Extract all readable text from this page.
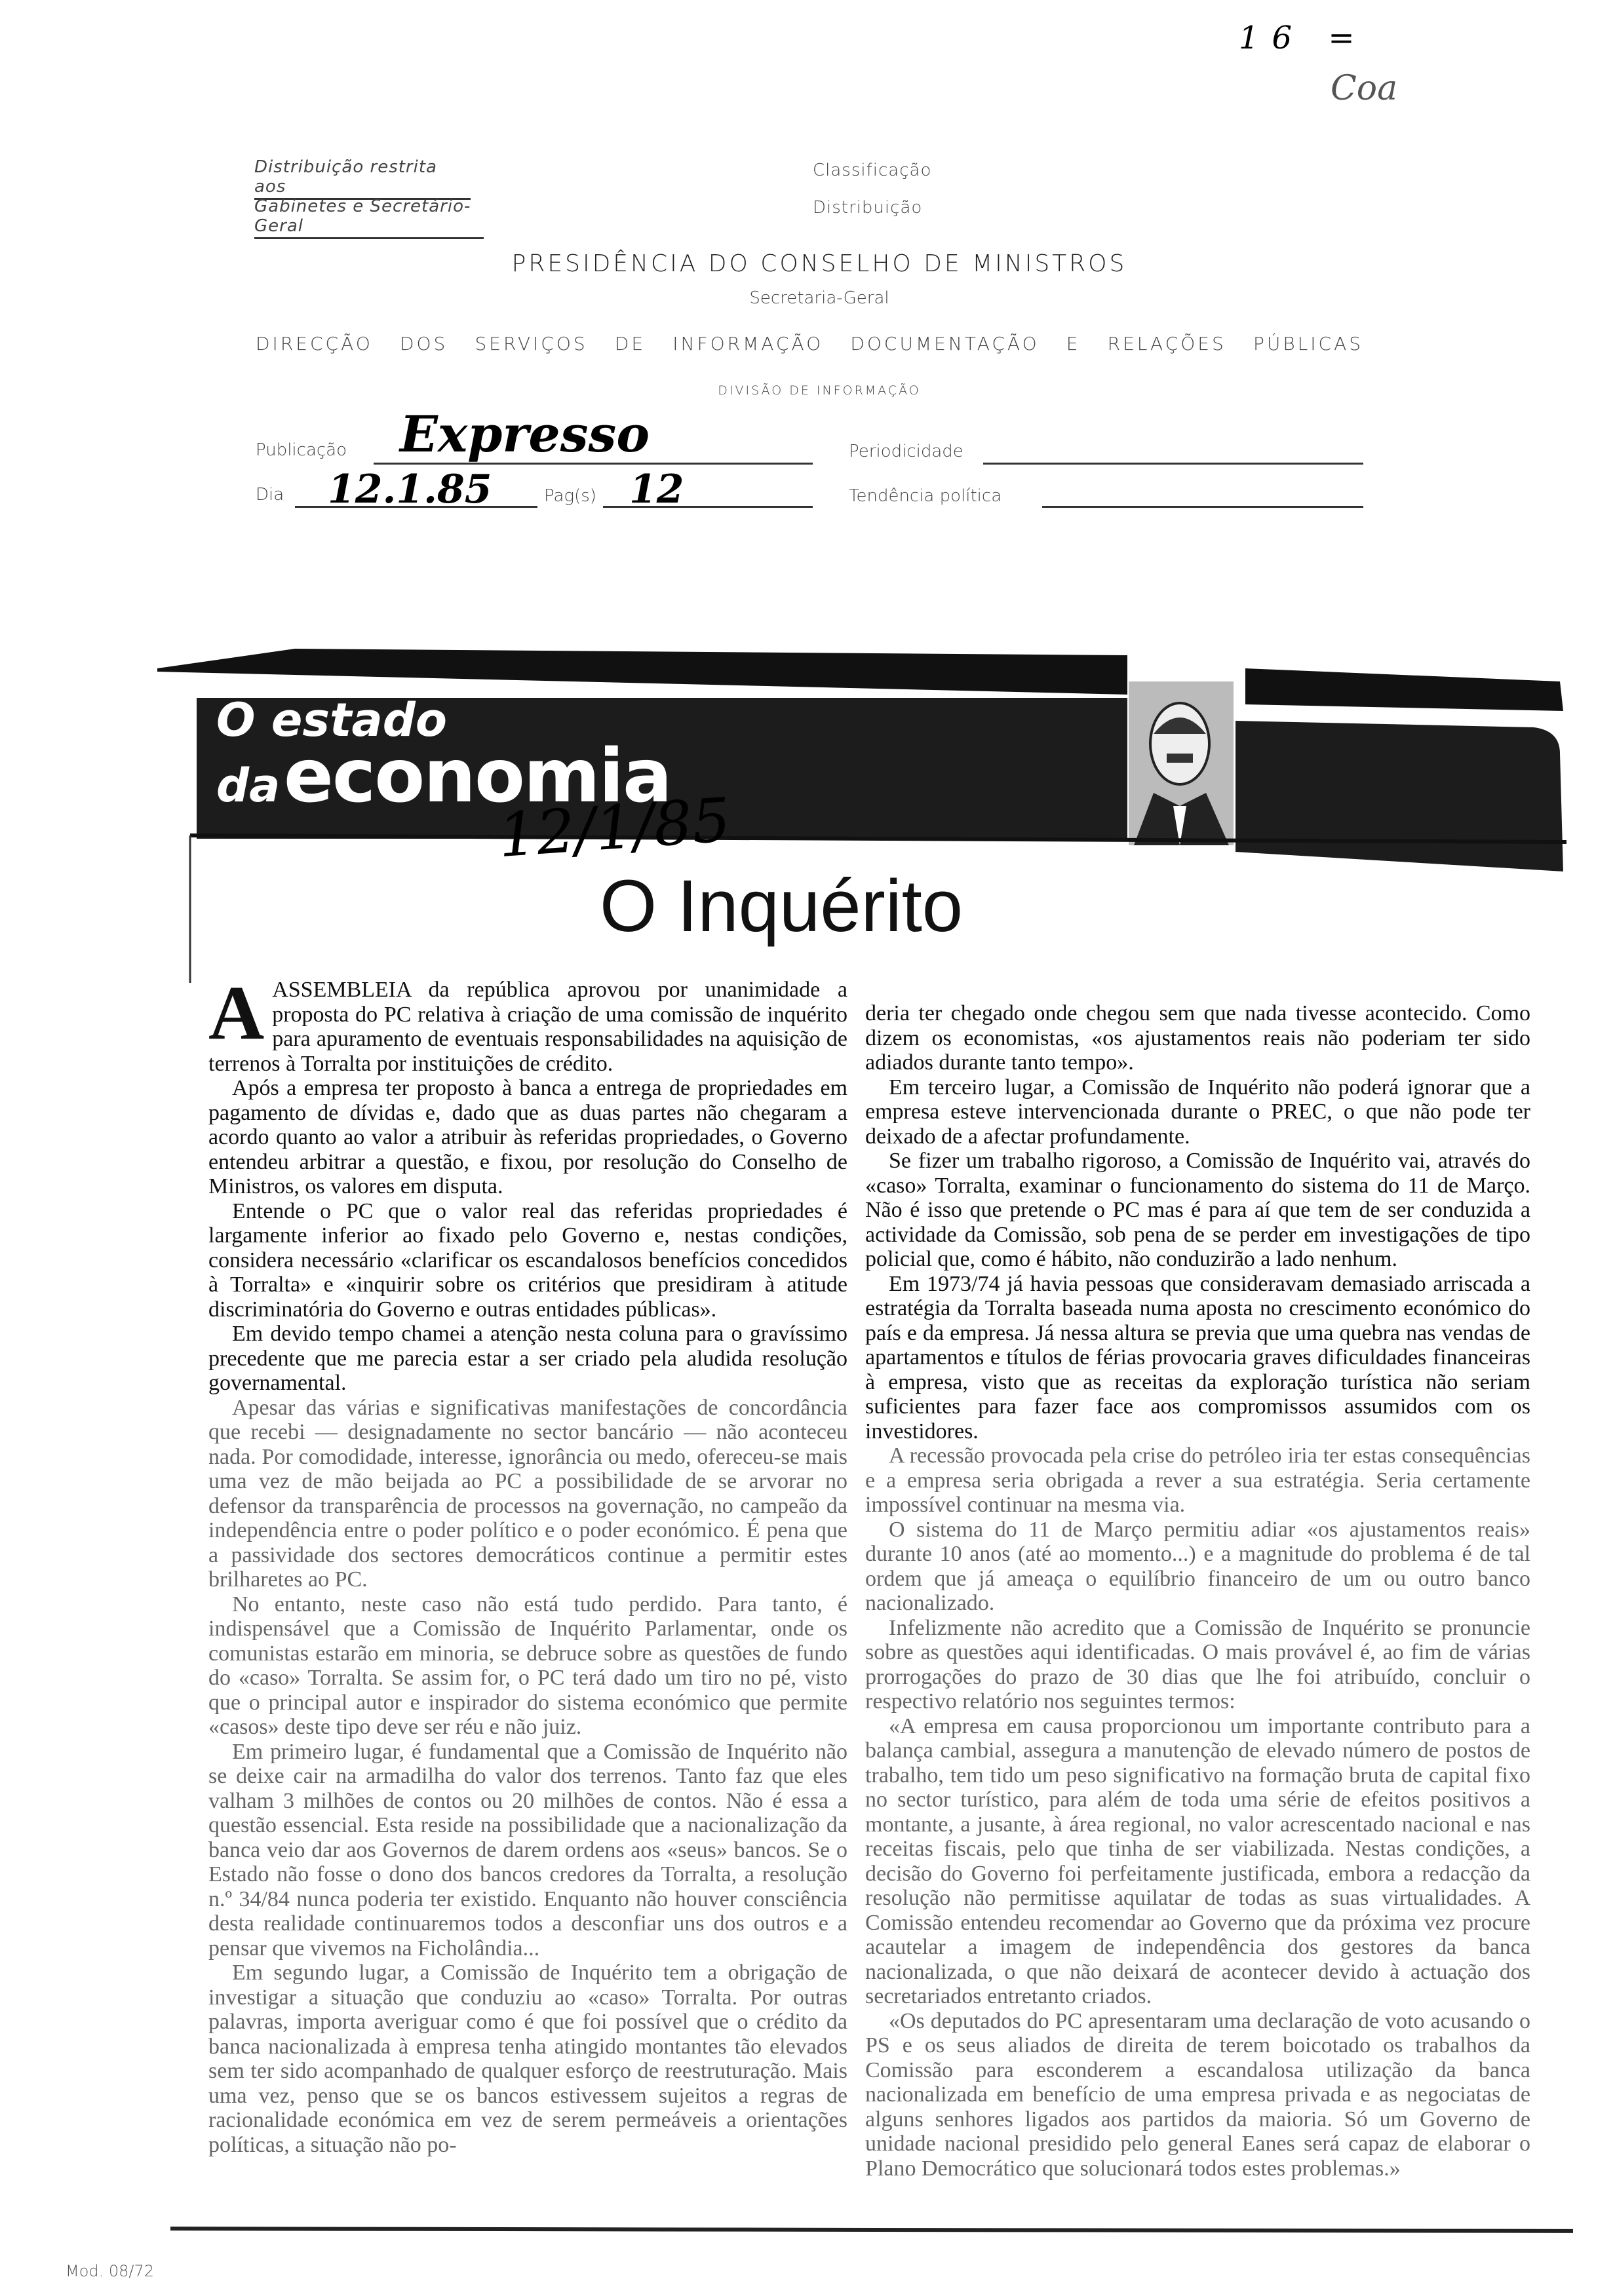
16 =
Coa
Distribuição restrita aos
Gabinetes e Secretário-Geral
Classificação
Distribuição
PRESIDÊNCIA DO CONSELHO DE MINISTROS
Secretaria-Geral
DIRECÇÃO DOS SERVIÇOS DE INFORMAÇÃO DOCUMENTAÇÃO E RELAÇÕES PÚBLICAS
DIVISÃO DE INFORMAÇÃO
Publicação Expresso	Periodicidade
Dia 12.1.85	Pag(s) 12	Tendência política
O estado
da economia
12/1/85
O Inquérito

AASSEMBLEIA da república aprovou por unanimidade a proposta do PC relativa à criação de uma comissão de inquérito para apuramento de eventuais responsabilidades na aquisição de terrenos à Torralta por instituições de crédito.

Após a empresa ter proposto à banca a entrega de propriedades em pagamento de dívidas e, dado que as duas partes não chegaram a acordo quanto ao valor a atribuir às referidas propriedades, o Governo entendeu arbitrar a questão, e fixou, por resolução do Conselho de Ministros, os valores em disputa.

Entende o PC que o valor real das referidas propriedades é largamente inferior ao fixado pelo Governo e, nestas condições, considera necessário «clarificar os escandalosos benefícios concedidos à Torralta» e «inquirir sobre os critérios que presidiram à atitude discriminatória do Governo e outras entidades públicas».

Em devido tempo chamei a atenção nesta coluna para o gravíssimo precedente que me parecia estar a ser criado pela aludida resolução governamental.

Apesar das várias e significativas manifestações de concordância que recebi — designadamente no sector bancário — não aconteceu nada. Por comodidade, interesse, ignorância ou medo, ofereceu-se mais uma vez de mão beijada ao PC a possibilidade de se arvorar no defensor da transparência de processos na governação, no campeão da independência entre o poder político e o poder económico. É pena que a passividade dos sectores democráticos continue a permitir estes brilharetes ao PC.

No entanto, neste caso não está tudo perdido. Para tanto, é indispensável que a Comissão de Inquérito Parlamentar, onde os comunistas estarão em minoria, se debruce sobre as questões de fundo do «caso» Torralta. Se assim for, o PC terá dado um tiro no pé, visto que o principal autor e inspirador do sistema económico que permite «casos» deste tipo deve ser réu e não juiz.

Em primeiro lugar, é fundamental que a Comissão de Inquérito não se deixe cair na armadilha do valor dos terrenos. Tanto faz que eles valham 3 milhões de contos ou 20 milhões de contos. Não é essa a questão essencial. Esta reside na possibilidade que a nacionalização da banca veio dar aos Governos de darem ordens aos «seus» bancos. Se o Estado não fosse o dono dos bancos credores da Torralta, a resolução n.º 34/84 nunca poderia ter existido. Enquanto não houver consciência desta realidade continuaremos todos a desconfiar uns dos outros e a pensar que vivemos na Ficholândia...

Em segundo lugar, a Comissão de Inquérito tem a obrigação de investigar a situação que conduziu ao «caso» Torralta. Por outras palavras, importa averiguar como é que foi possível que o crédito da banca nacionalizada à empresa tenha atingido montantes tão elevados sem ter sido acompanhado de qualquer esforço de reestruturação. Mais uma vez, penso que se os bancos estivessem sujeitos a regras de racionalidade económica em vez de serem permeáveis a orientações políticas, a situação não po-

deria ter chegado onde chegou sem que nada tivesse acontecido. Como dizem os economistas, «os ajustamentos reais não poderiam ter sido adiados durante tanto tempo».

Em terceiro lugar, a Comissão de Inquérito não poderá ignorar que a empresa esteve intervencionada durante o PREC, o que não pode ter deixado de a afectar profundamente.

Se fizer um trabalho rigoroso, a Comissão de Inquérito vai, através do «caso» Torralta, examinar o funcionamento do sistema do 11 de Março. Não é isso que pretende o PC mas é para aí que tem de ser conduzida a actividade da Comissão, sob pena de se perder em investigações de tipo policial que, como é hábito, não conduzirão a lado nenhum.

Em 1973/74 já havia pessoas que consideravam demasiado arriscada a estratégia da Torralta baseada numa aposta no crescimento económico do país e da empresa. Já nessa altura se previa que uma quebra nas vendas de apartamentos e títulos de férias provocaria graves dificuldades financeiras à empresa, visto que as receitas da exploração turística não seriam suficientes para fazer face aos compromissos assumidos com os investidores.

A recessão provocada pela crise do petróleo iria ter estas consequências e a empresa seria obrigada a rever a sua estratégia. Seria certamente impossível continuar na mesma via.

O sistema do 11 de Março permitiu adiar «os ajustamentos reais» durante 10 anos (até ao momento...) e a magnitude do problema é de tal ordem que já ameaça o equilíbrio financeiro de um ou outro banco nacionalizado.

Infelizmente não acredito que a Comissão de Inquérito se pronuncie sobre as questões aqui identificadas. O mais provável é, ao fim de várias prorrogações do prazo de 30 dias que lhe foi atribuído, concluir o respectivo relatório nos seguintes termos:

«A empresa em causa proporcionou um importante contributo para a balança cambial, assegura a manutenção de elevado número de postos de trabalho, tem tido um peso significativo na formação bruta de capital fixo no sector turístico, para além de toda uma série de efeitos positivos a montante, a jusante, à área regional, no valor acrescentado nacional e nas receitas fiscais, pelo que tinha de ser viabilizada. Nestas condições, a decisão do Governo foi perfeitamente justificada, embora a redacção da resolução não permitisse aquilatar de todas as suas virtualidades. A Comissão entendeu recomendar ao Governo que da próxima vez procure acautelar a imagem de independência dos gestores da banca nacionalizada, o que não deixará de acontecer devido à actuação dos secretariados entretanto criados.

«Os deputados do PC apresentaram uma declaração de voto acusando o PS e os seus aliados de direita de terem boicotado os trabalhos da Comissão para esconderem a escandalosa utilização da banca nacionalizada em benefício de uma empresa privada e as negociatas de alguns senhores ligados aos partidos da maioria. Só um Governo de unidade nacional presidido pelo general Eanes será capaz de elaborar o Plano Democrático que solucionará todos estes problemas.»

Mod. 08/72
